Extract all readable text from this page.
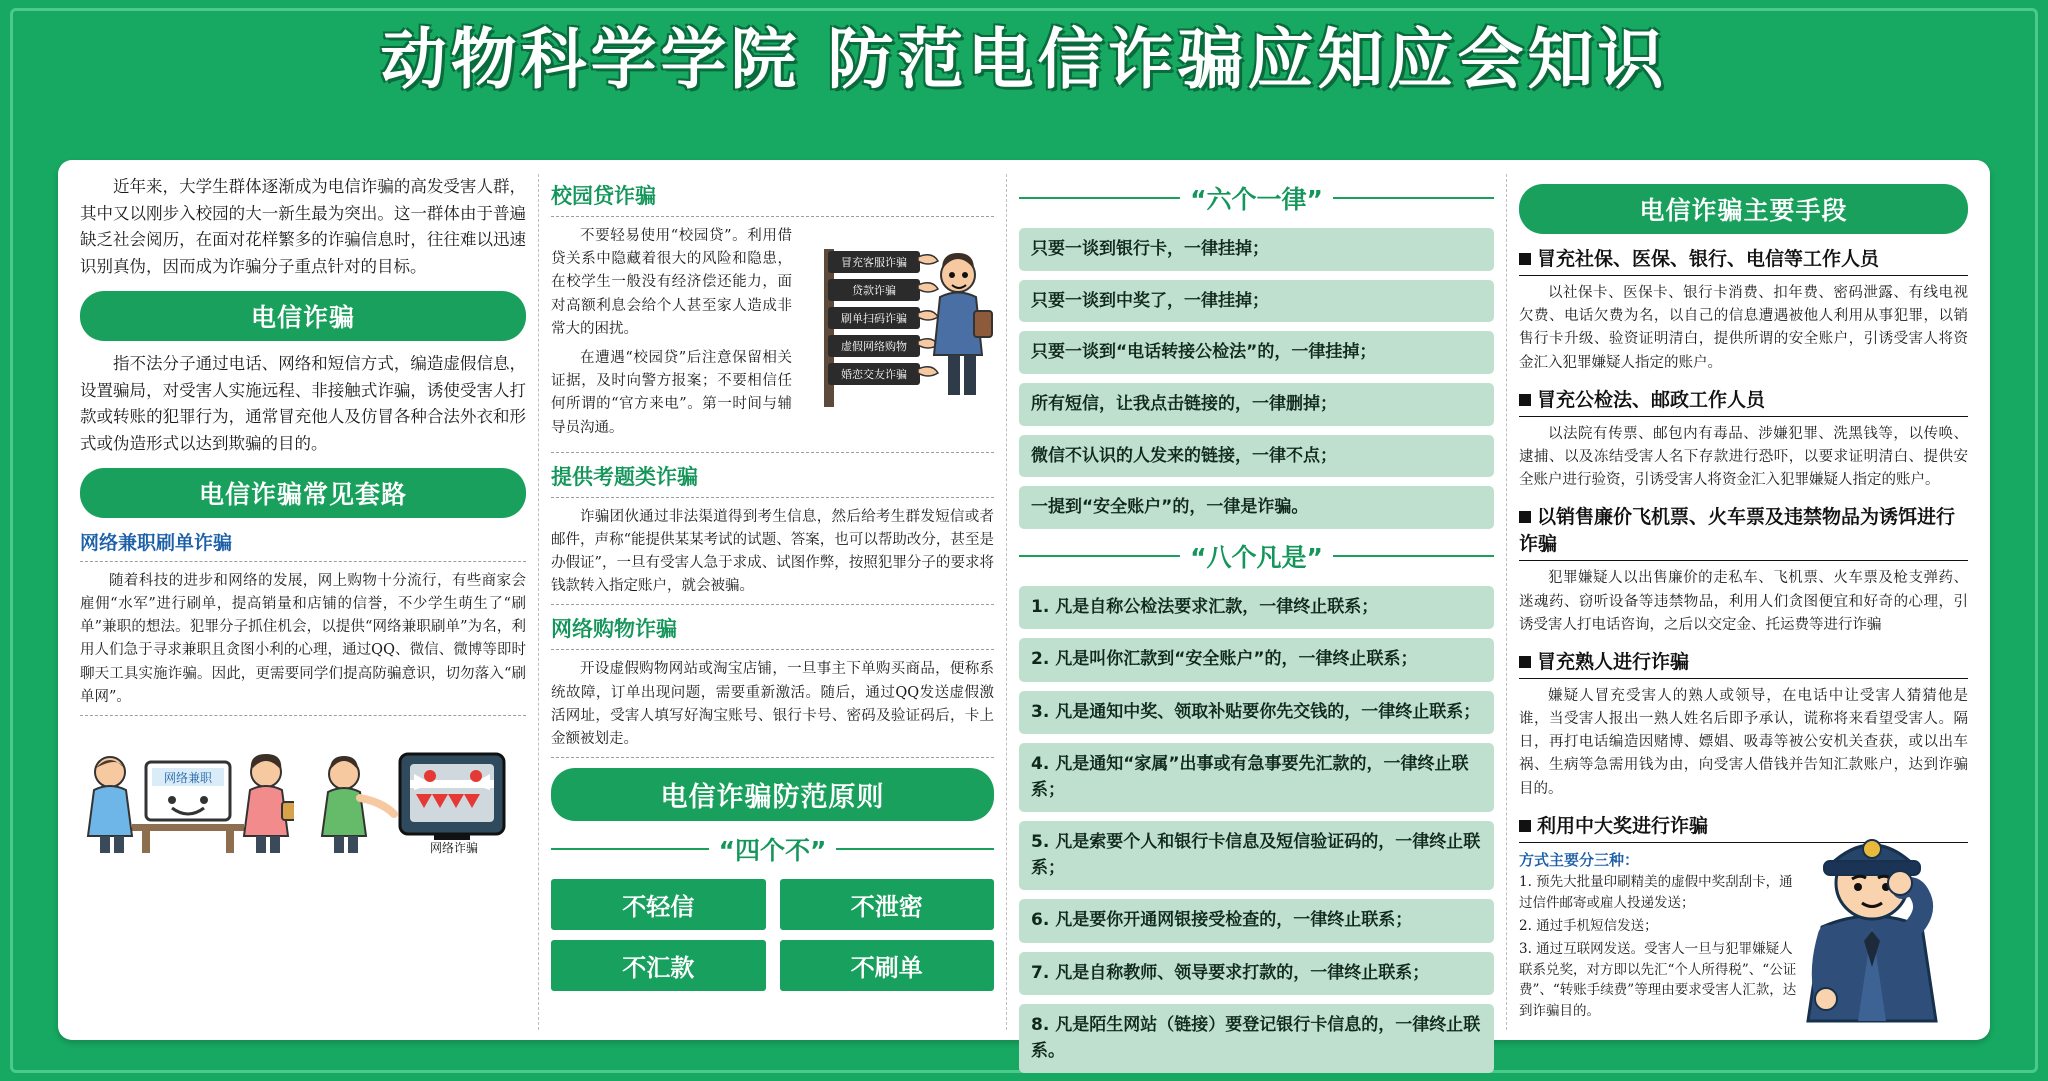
动物科学学院 防范电信诈骗应知应会知识

近年来，大学生群体逐渐成为电信诈骗的高发受害人群，其中又以刚步入校园的大一新生最为突出。这一群体由于普遍缺乏社会阅历，在面对花样繁多的诈骗信息时，往往难以迅速识别真伪，因而成为诈骗分子重点针对的目标。

电信诈骗

指不法分子通过电话、网络和短信方式，编造虚假信息，设置骗局，对受害人实施远程、非接触式诈骗，诱使受害人打款或转账的犯罪行为，通常冒充他人及仿冒各种合法外衣和形式或伪造形式以达到欺骗的目的。

电信诈骗常见套路
网络兼职刷单诈骗

随着科技的进步和网络的发展，网上购物十分流行，有些商家会雇佣“水军”进行刷单，提高销量和店铺的信誉，不少学生萌生了“刷单”兼职的想法。犯罪分子抓住机会，以提供“网络兼职刷单”为名，利用人们急于寻求兼职且贪图小利的心理，通过QQ、微信、微博等即时聊天工具实施诈骗。因此，更需要同学们提高防骗意识，切勿落入“刷单网”。

网络兼职
网络诈骗
校园贷诈骗

不要轻易使用“校园贷”。利用借贷关系中隐藏着很大的风险和隐患，在校学生一般没有经济偿还能力，面对高额利息会给个人甚至家人造成非常大的困扰。

在遭遇“校园贷”后注意保留相关证据，及时向警方报案；不要相信任何所谓的“官方来电”。第一时间与辅导员沟通。

冒充客服诈骗
贷款诈骗
刷单扫码诈骗
虚假网络购物
婚恋交友诈骗
提供考题类诈骗

诈骗团伙通过非法渠道得到考生信息，然后给考生群发短信或者邮件，声称“能提供某某考试的试题、答案，也可以帮助改分，甚至是办假证”，一旦有受害人急于求成、试图作弊，按照犯罪分子的要求将钱款转入指定账户，就会被骗。

网络购物诈骗

开设虚假购物网站或淘宝店铺，一旦事主下单购买商品，便称系统故障，订单出现问题，需要重新激活。随后，通过QQ发送虚假激活网址，受害人填写好淘宝账号、银行卡号、密码及验证码后，卡上金额被划走。

电信诈骗防范原则
“四个不”
不轻信	不泄密
不汇款	不刷单
“六个一律”
只要一谈到银行卡，一律挂掉；
只要一谈到中奖了，一律挂掉；
只要一谈到“电话转接公检法”的，一律挂掉；
所有短信，让我点击链接的，一律删掉；
微信不认识的人发来的链接，一律不点；
一提到“安全账户”的，一律是诈骗。
“八个凡是”
1. 凡是自称公检法要求汇款，一律终止联系；
2. 凡是叫你汇款到“安全账户”的，一律终止联系；
3. 凡是通知中奖、领取补贴要你先交钱的，一律终止联系；
4. 凡是通知“家属”出事或有急事要先汇款的，一律终止联系；
5. 凡是索要个人和银行卡信息及短信验证码的，一律终止联系；
6. 凡是要你开通网银接受检查的，一律终止联系；
7. 凡是自称教师、领导要求打款的，一律终止联系；
8. 凡是陌生网站（链接）要登记银行卡信息的，一律终止联系。
电信诈骗主要手段
冒充社保、医保、银行、电信等工作人员

以社保卡、医保卡、银行卡消费、扣年费、密码泄露、有线电视欠费、电话欠费为名，以自己的信息遭遇被他人利用从事犯罪，以销售行卡升级、验资证明清白，提供所谓的安全账户，引诱受害人将资金汇入犯罪嫌疑人指定的账户。

冒充公检法、邮政工作人员

以法院有传票、邮包内有毒品、涉嫌犯罪、洗黑钱等，以传唤、逮捕、以及冻结受害人名下存款进行恐吓，以要求证明清白、提供安全账户进行验资，引诱受害人将资金汇入犯罪嫌疑人指定的账户。

以销售廉价飞机票、火车票及违禁物品为诱饵进行诈骗

犯罪嫌疑人以出售廉价的走私车、飞机票、火车票及枪支弹药、迷魂药、窃听设备等违禁物品，利用人们贪图便宜和好奇的心理，引诱受害人打电话咨询，之后以交定金、托运费等进行诈骗

冒充熟人进行诈骗

嫌疑人冒充受害人的熟人或领导，在电话中让受害人猜猜他是谁，当受害人报出一熟人姓名后即予承认，谎称将来看望受害人。隔日，再打电话编造因赌博、嫖娼、吸毒等被公安机关查获，或以出车祸、生病等急需用钱为由，向受害人借钱并告知汇款账户，达到诈骗目的。

利用中大奖进行诈骗
方式主要分三种：

1. 预先大批量印刷精美的虚假中奖刮刮卡，通过信件邮寄或雇人投递发送；

2. 通过手机短信发送；

3. 通过互联网发送。受害人一旦与犯罪嫌疑人联系兑奖，对方即以先汇“个人所得税”、“公证费”、“转账手续费”等理由要求受害人汇款，达到诈骗目的。
